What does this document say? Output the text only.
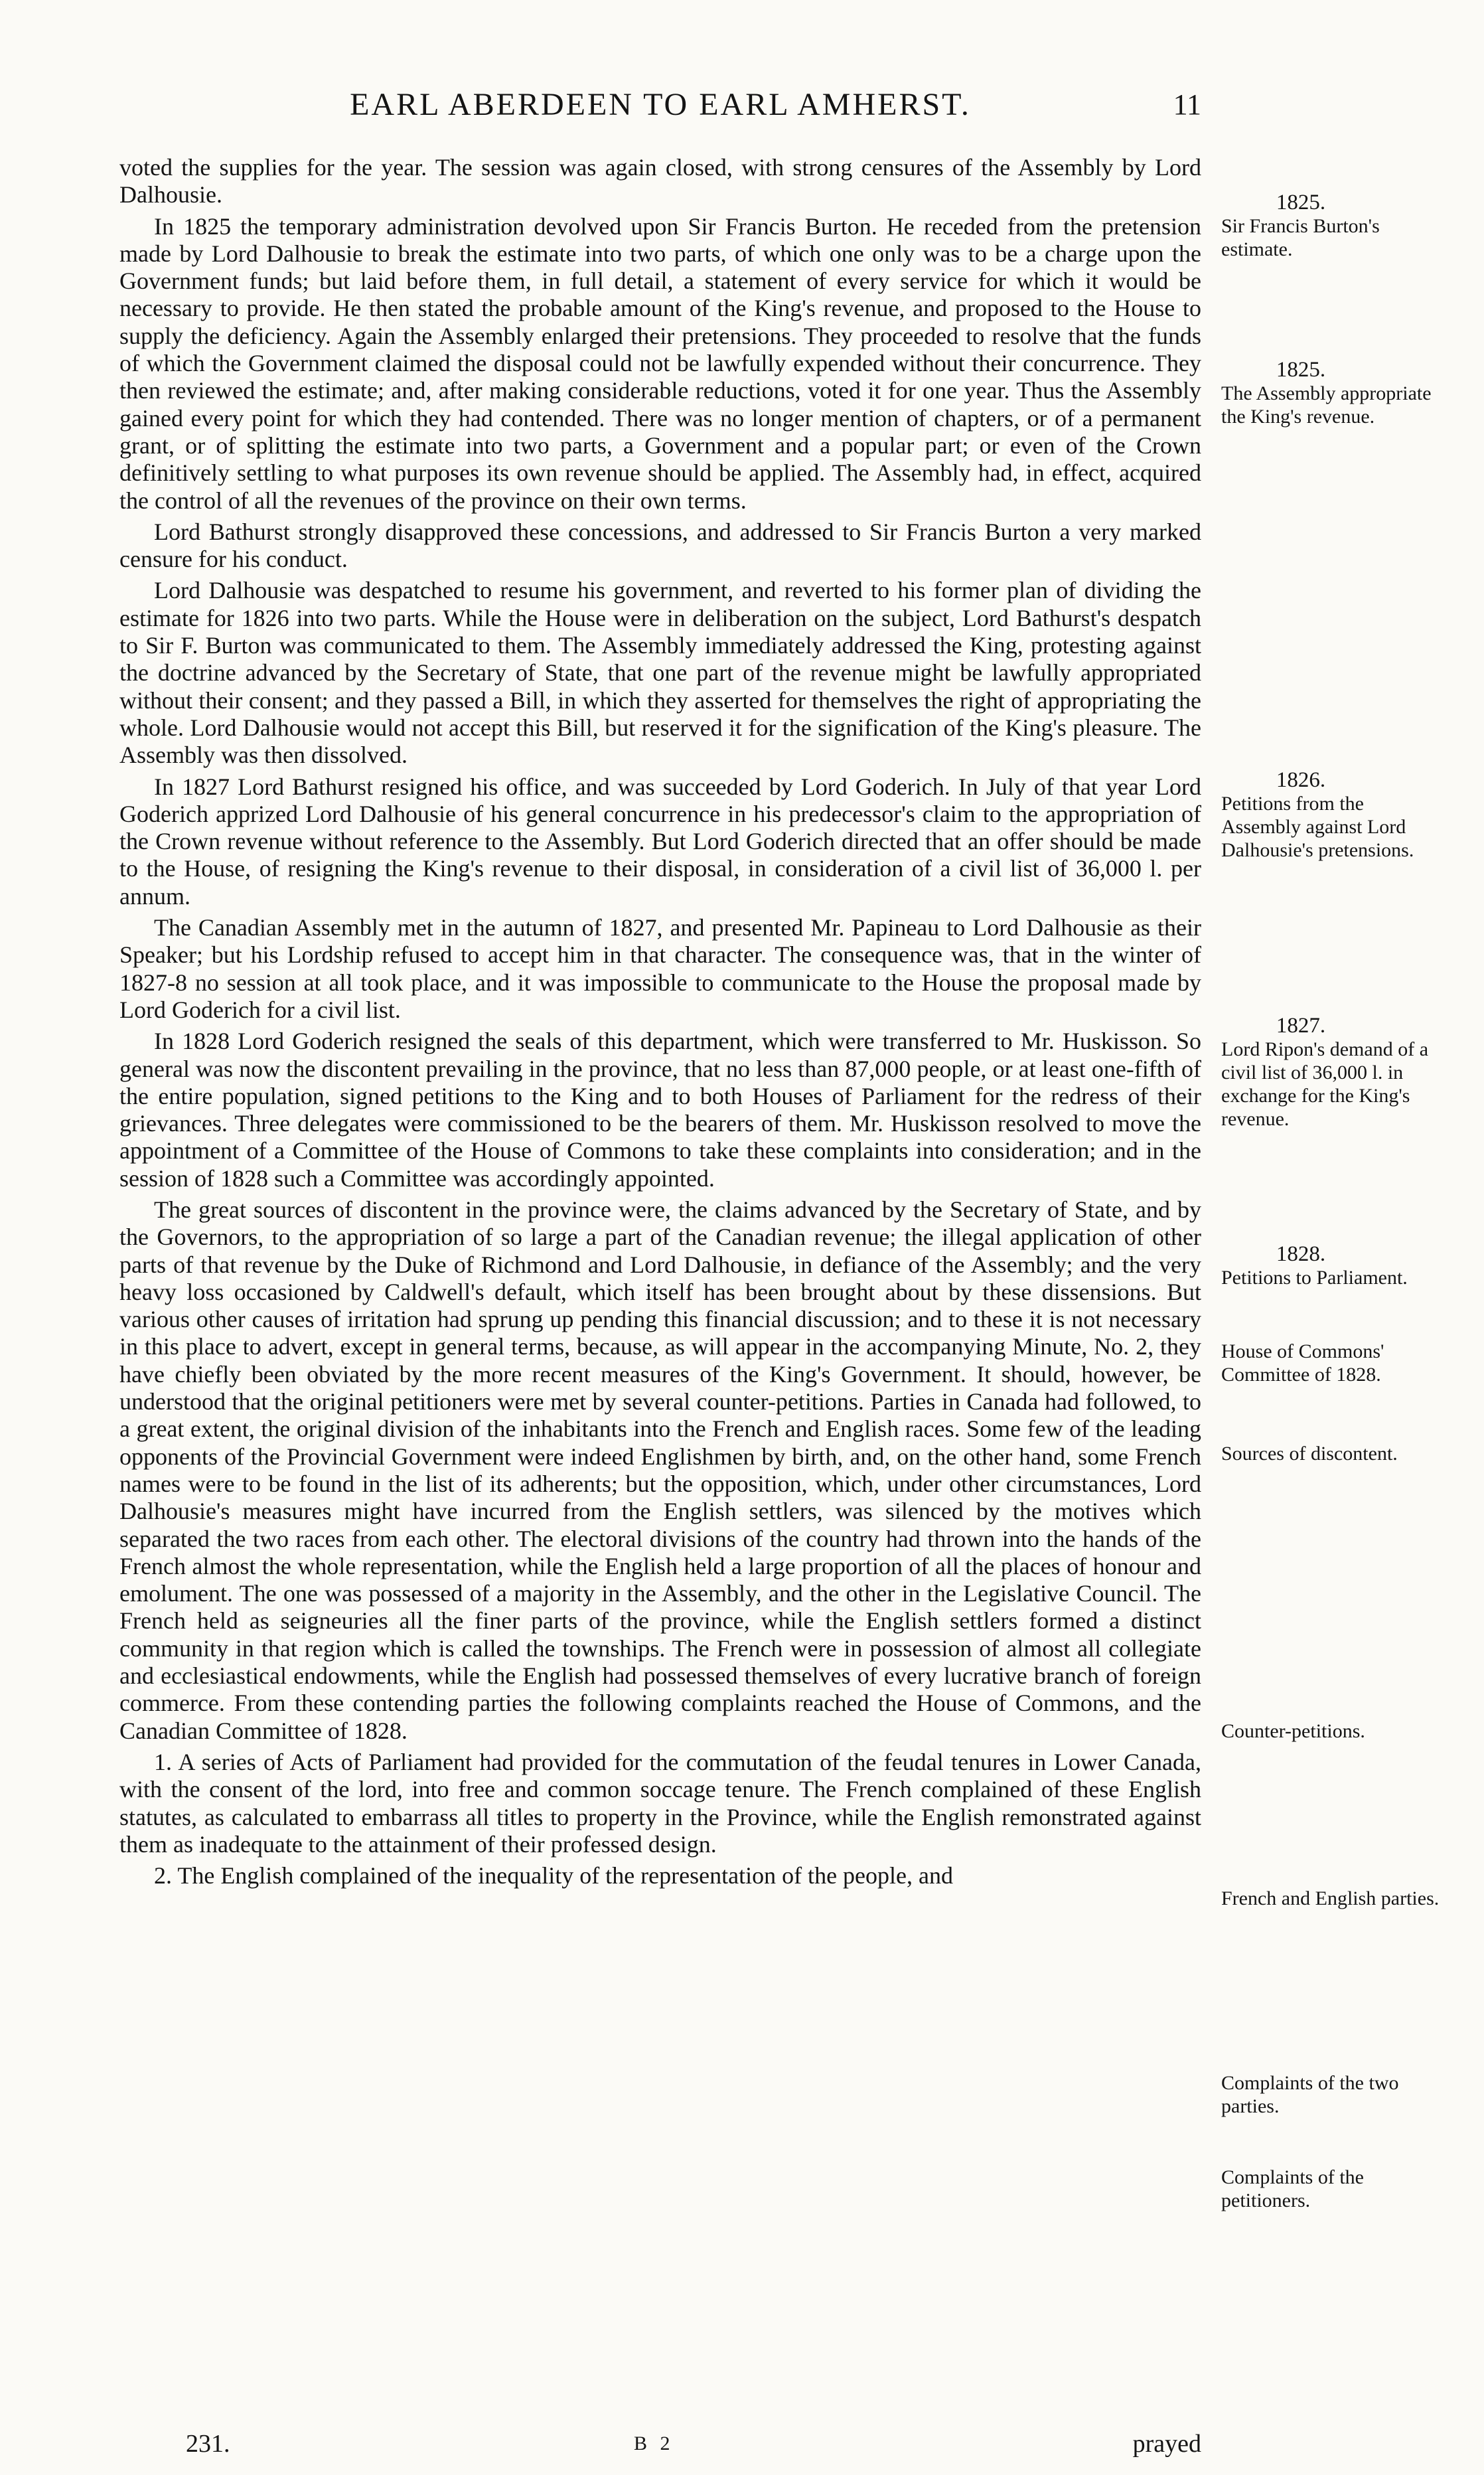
EARL ABERDEEN TO EARL AMHERST.	11

voted the supplies for the year. The session was again closed, with strong censures of the Assembly by Lord Dalhousie.

In 1825 the temporary administration devolved upon Sir Francis Burton. He receded from the pretension made by Lord Dalhousie to break the estimate into two parts, of which one only was to be a charge upon the Government funds; but laid before them, in full detail, a statement of every service for which it would be necessary to provide. He then stated the probable amount of the King's revenue, and proposed to the House to supply the deficiency. Again the Assembly enlarged their pretensions. They proceeded to resolve that the funds of which the Government claimed the disposal could not be lawfully expended without their concurrence. They then reviewed the estimate; and, after making considerable reductions, voted it for one year. Thus the Assembly gained every point for which they had contended. There was no longer mention of chapters, or of a permanent grant, or of splitting the estimate into two parts, a Government and a popular part; or even of the Crown definitively settling to what purposes its own revenue should be applied. The Assembly had, in effect, acquired the control of all the revenues of the province on their own terms.

Lord Bathurst strongly disapproved these concessions, and addressed to Sir Francis Burton a very marked censure for his conduct.

Lord Dalhousie was despatched to resume his government, and reverted to his former plan of dividing the estimate for 1826 into two parts. While the House were in deliberation on the subject, Lord Bathurst's despatch to Sir F. Burton was communicated to them. The Assembly immediately addressed the King, protesting against the doctrine advanced by the Secretary of State, that one part of the revenue might be lawfully appropriated without their consent; and they passed a Bill, in which they asserted for themselves the right of appropriating the whole. Lord Dalhousie would not accept this Bill, but reserved it for the signification of the King's pleasure. The Assembly was then dissolved.

In 1827 Lord Bathurst resigned his office, and was succeeded by Lord Goderich. In July of that year Lord Goderich apprized Lord Dalhousie of his general concurrence in his predecessor's claim to the appropriation of the Crown revenue without reference to the Assembly. But Lord Goderich directed that an offer should be made to the House, of resigning the King's revenue to their disposal, in consideration of a civil list of 36,000 l. per annum.

The Canadian Assembly met in the autumn of 1827, and presented Mr. Papineau to Lord Dalhousie as their Speaker; but his Lordship refused to accept him in that character. The consequence was, that in the winter of 1827-8 no session at all took place, and it was impossible to communicate to the House the proposal made by Lord Goderich for a civil list.

In 1828 Lord Goderich resigned the seals of this department, which were transferred to Mr. Huskisson. So general was now the discontent prevailing in the province, that no less than 87,000 people, or at least one-fifth of the entire population, signed petitions to the King and to both Houses of Parliament for the redress of their grievances. Three delegates were commissioned to be the bearers of them. Mr. Huskisson resolved to move the appointment of a Committee of the House of Commons to take these complaints into consideration; and in the session of 1828 such a Committee was accordingly appointed.

The great sources of discontent in the province were, the claims advanced by the Secretary of State, and by the Governors, to the appropriation of so large a part of the Canadian revenue; the illegal application of other parts of that revenue by the Duke of Richmond and Lord Dalhousie, in defiance of the Assembly; and the very heavy loss occasioned by Caldwell's default, which itself has been brought about by these dissensions. But various other causes of irritation had sprung up pending this financial discussion; and to these it is not necessary in this place to advert, except in general terms, because, as will appear in the accompanying Minute, No. 2, they have chiefly been obviated by the more recent measures of the King's Government. It should, however, be understood that the original petitioners were met by several counter-petitions. Parties in Canada had followed, to a great extent, the original division of the inhabitants into the French and English races. Some few of the leading opponents of the Provincial Government were indeed Englishmen by birth, and, on the other hand, some French names were to be found in the list of its adherents; but the opposition, which, under other circumstances, Lord Dalhousie's measures might have incurred from the English settlers, was silenced by the motives which separated the two races from each other. The electoral divisions of the country had thrown into the hands of the French almost the whole representation, while the English held a large proportion of all the places of honour and emolument. The one was possessed of a majority in the Assembly, and the other in the Legislative Council. The French held as seigneuries all the finer parts of the province, while the English settlers formed a distinct community in that region which is called the townships. The French were in possession of almost all collegiate and ecclesiastical endowments, while the English had possessed themselves of every lucrative branch of foreign commerce. From these contending parties the following complaints reached the House of Commons, and the Canadian Committee of 1828.

1. A series of Acts of Parliament had provided for the commutation of the feudal tenures in Lower Canada, with the consent of the lord, into free and common soccage tenure. The French complained of these English statutes, as calculated to embarrass all titles to property in the Province, while the English remonstrated against them as inadequate to the attainment of their professed design.

2. The English complained of the inequality of the representation of the people, and

1825.
Sir Francis Burton's estimate.
1825.
The Assembly appropriate the King's revenue.
1826.
Petitions from the Assembly against Lord Dalhousie's pretensions.
1827.
Lord Ripon's demand of a civil list of 36,000 l. in exchange for the King's revenue.
1828.
Petitions to Parliament.
House of Commons' Committee of 1828.
Sources of discontent.
Counter-petitions.
French and English parties.
Complaints of the two parties.
Complaints of the petitioners.
231.	B 2	prayed
